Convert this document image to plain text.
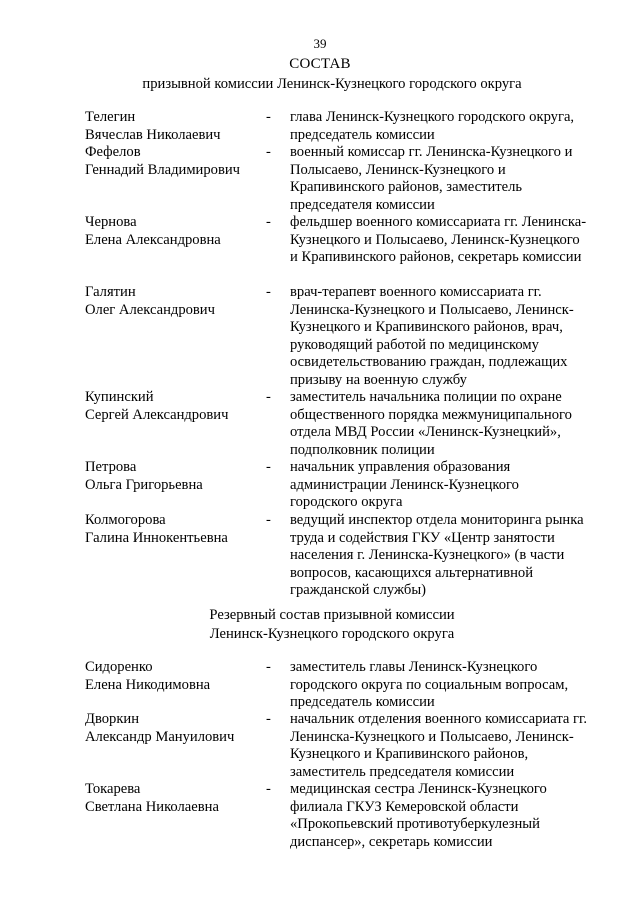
39
СОСТАВ
призывной комиссии Ленинск-Кузнецкого городского округа
Телегин
Вячеслав Николаевич
- глава Ленинск-Кузнецкого городского округа, председатель комиссии
Фефелов
Геннадий Владимирович
- военный комиссар гг. Ленинска-Кузнецкого и Полысаево, Ленинск-Кузнецкого и Крапивинского районов, заместитель председателя комиссии
Чернова
Елена Александровна
- фельдшер военного комиссариата гг. Ленинска-Кузнецкого и Полысаево, Ленинск-Кузнецкого и Крапивинского районов, секретарь комиссии
Галятин
Олег Александрович
- врач-терапевт военного комиссариата гг. Ленинска-Кузнецкого и Полысаево, Ленинск-Кузнецкого и Крапивинского районов, врач, руководящий работой по медицинскому освидетельствованию граждан, подлежащих призыву на военную службу
Купинский
Сергей Александрович
- заместитель начальника полиции по охране общественного порядка межмуниципального отдела МВД России «Ленинск-Кузнецкий», подполковник полиции
Петрова
Ольга Григорьевна
- начальник управления образования администрации Ленинск-Кузнецкого городского округа
Колмогорова
Галина Иннокентьевна
- ведущий инспектор отдела мониторинга рынка труда и содействия ГКУ «Центр занятости населения г. Ленинска-Кузнецкого» (в части вопросов, касающихся альтернативной гражданской службы)
Резервный состав призывной комиссии
Ленинск-Кузнецкого городского округа
Сидоренко
Елена Никодимовна
- заместитель главы Ленинск-Кузнецкого городского округа по социальным вопросам, председатель комиссии
Дворкин
Александр Мануилович
- начальник отделения военного комиссариата гг. Ленинска-Кузнецкого и Полысаево, Ленинск-Кузнецкого и Крапивинского районов, заместитель председателя комиссии
Токарева
Светлана Николаевна
- медицинская сестра Ленинск-Кузнецкого филиала ГКУЗ Кемеровской области «Прокопьевский противотуберкулезный диспансер», секретарь комиссии
